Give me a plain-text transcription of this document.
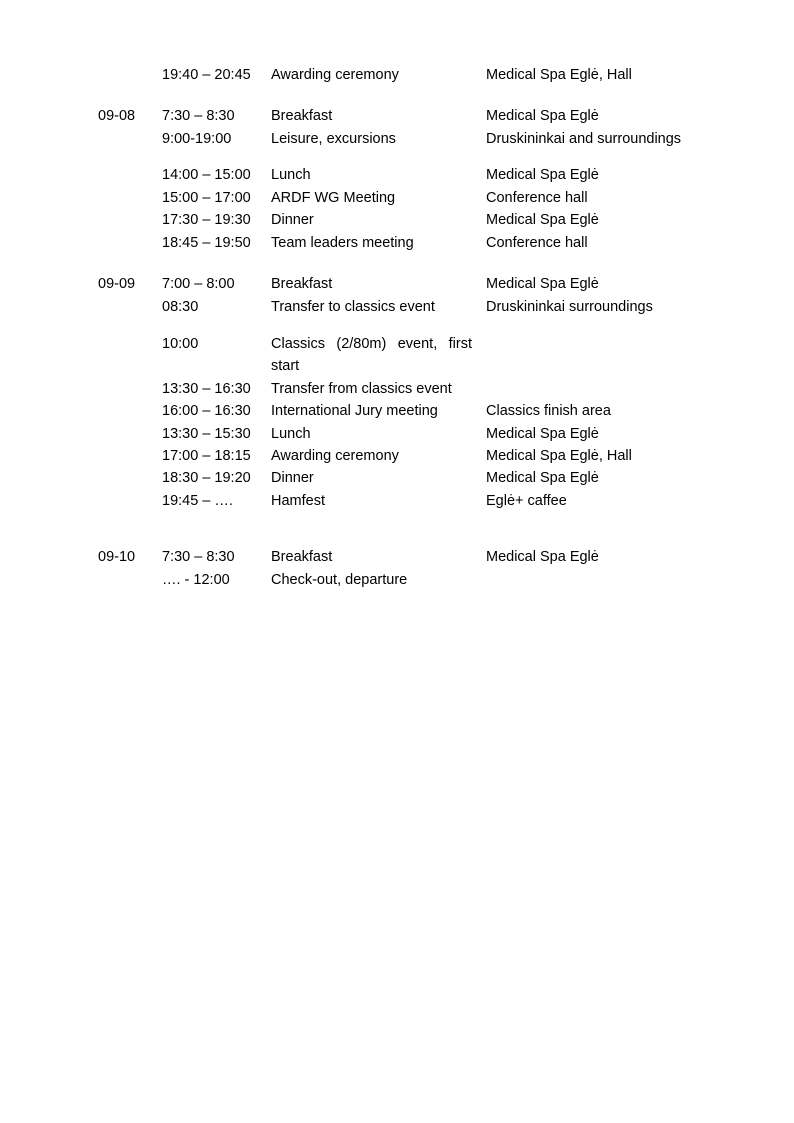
19:40 – 20:45 Awarding ceremony	Medical Spa Eglė, Hall
09-08 7:30 – 8:30	Breakfast	Medical Spa Eglė
9:00-19:00	Leisure, excursions	Druskininkai and surroundings
14:00 – 15:00 Lunch	Medical Spa Eglė
15:00 – 17:00 ARDF WG Meeting	Conference hall
17:30 – 19:30 Dinner	Medical Spa Eglė
18:45 – 19:50 Team leaders meeting	Conference hall
09-09 7:00 – 8:00	Breakfast	Medical Spa Eglė
08:30	Transfer to classics event	Druskininkai surroundings
10:00	Classics (2/80m) event, first start
13:30 – 16:30 Transfer from classics event
16:00 – 16:30 International Jury meeting	Classics finish area
13:30 – 15:30 Lunch	Medical Spa Eglė
17:00 – 18:15 Awarding ceremony	Medical Spa Eglė, Hall
18:30 – 19:20 Dinner	Medical Spa Eglė
19:45 – ….	Hamfest	Eglė+ caffee
09-10 7:30 – 8:30	Breakfast	Medical Spa Eglė
…. - 12:00	Check-out, departure
